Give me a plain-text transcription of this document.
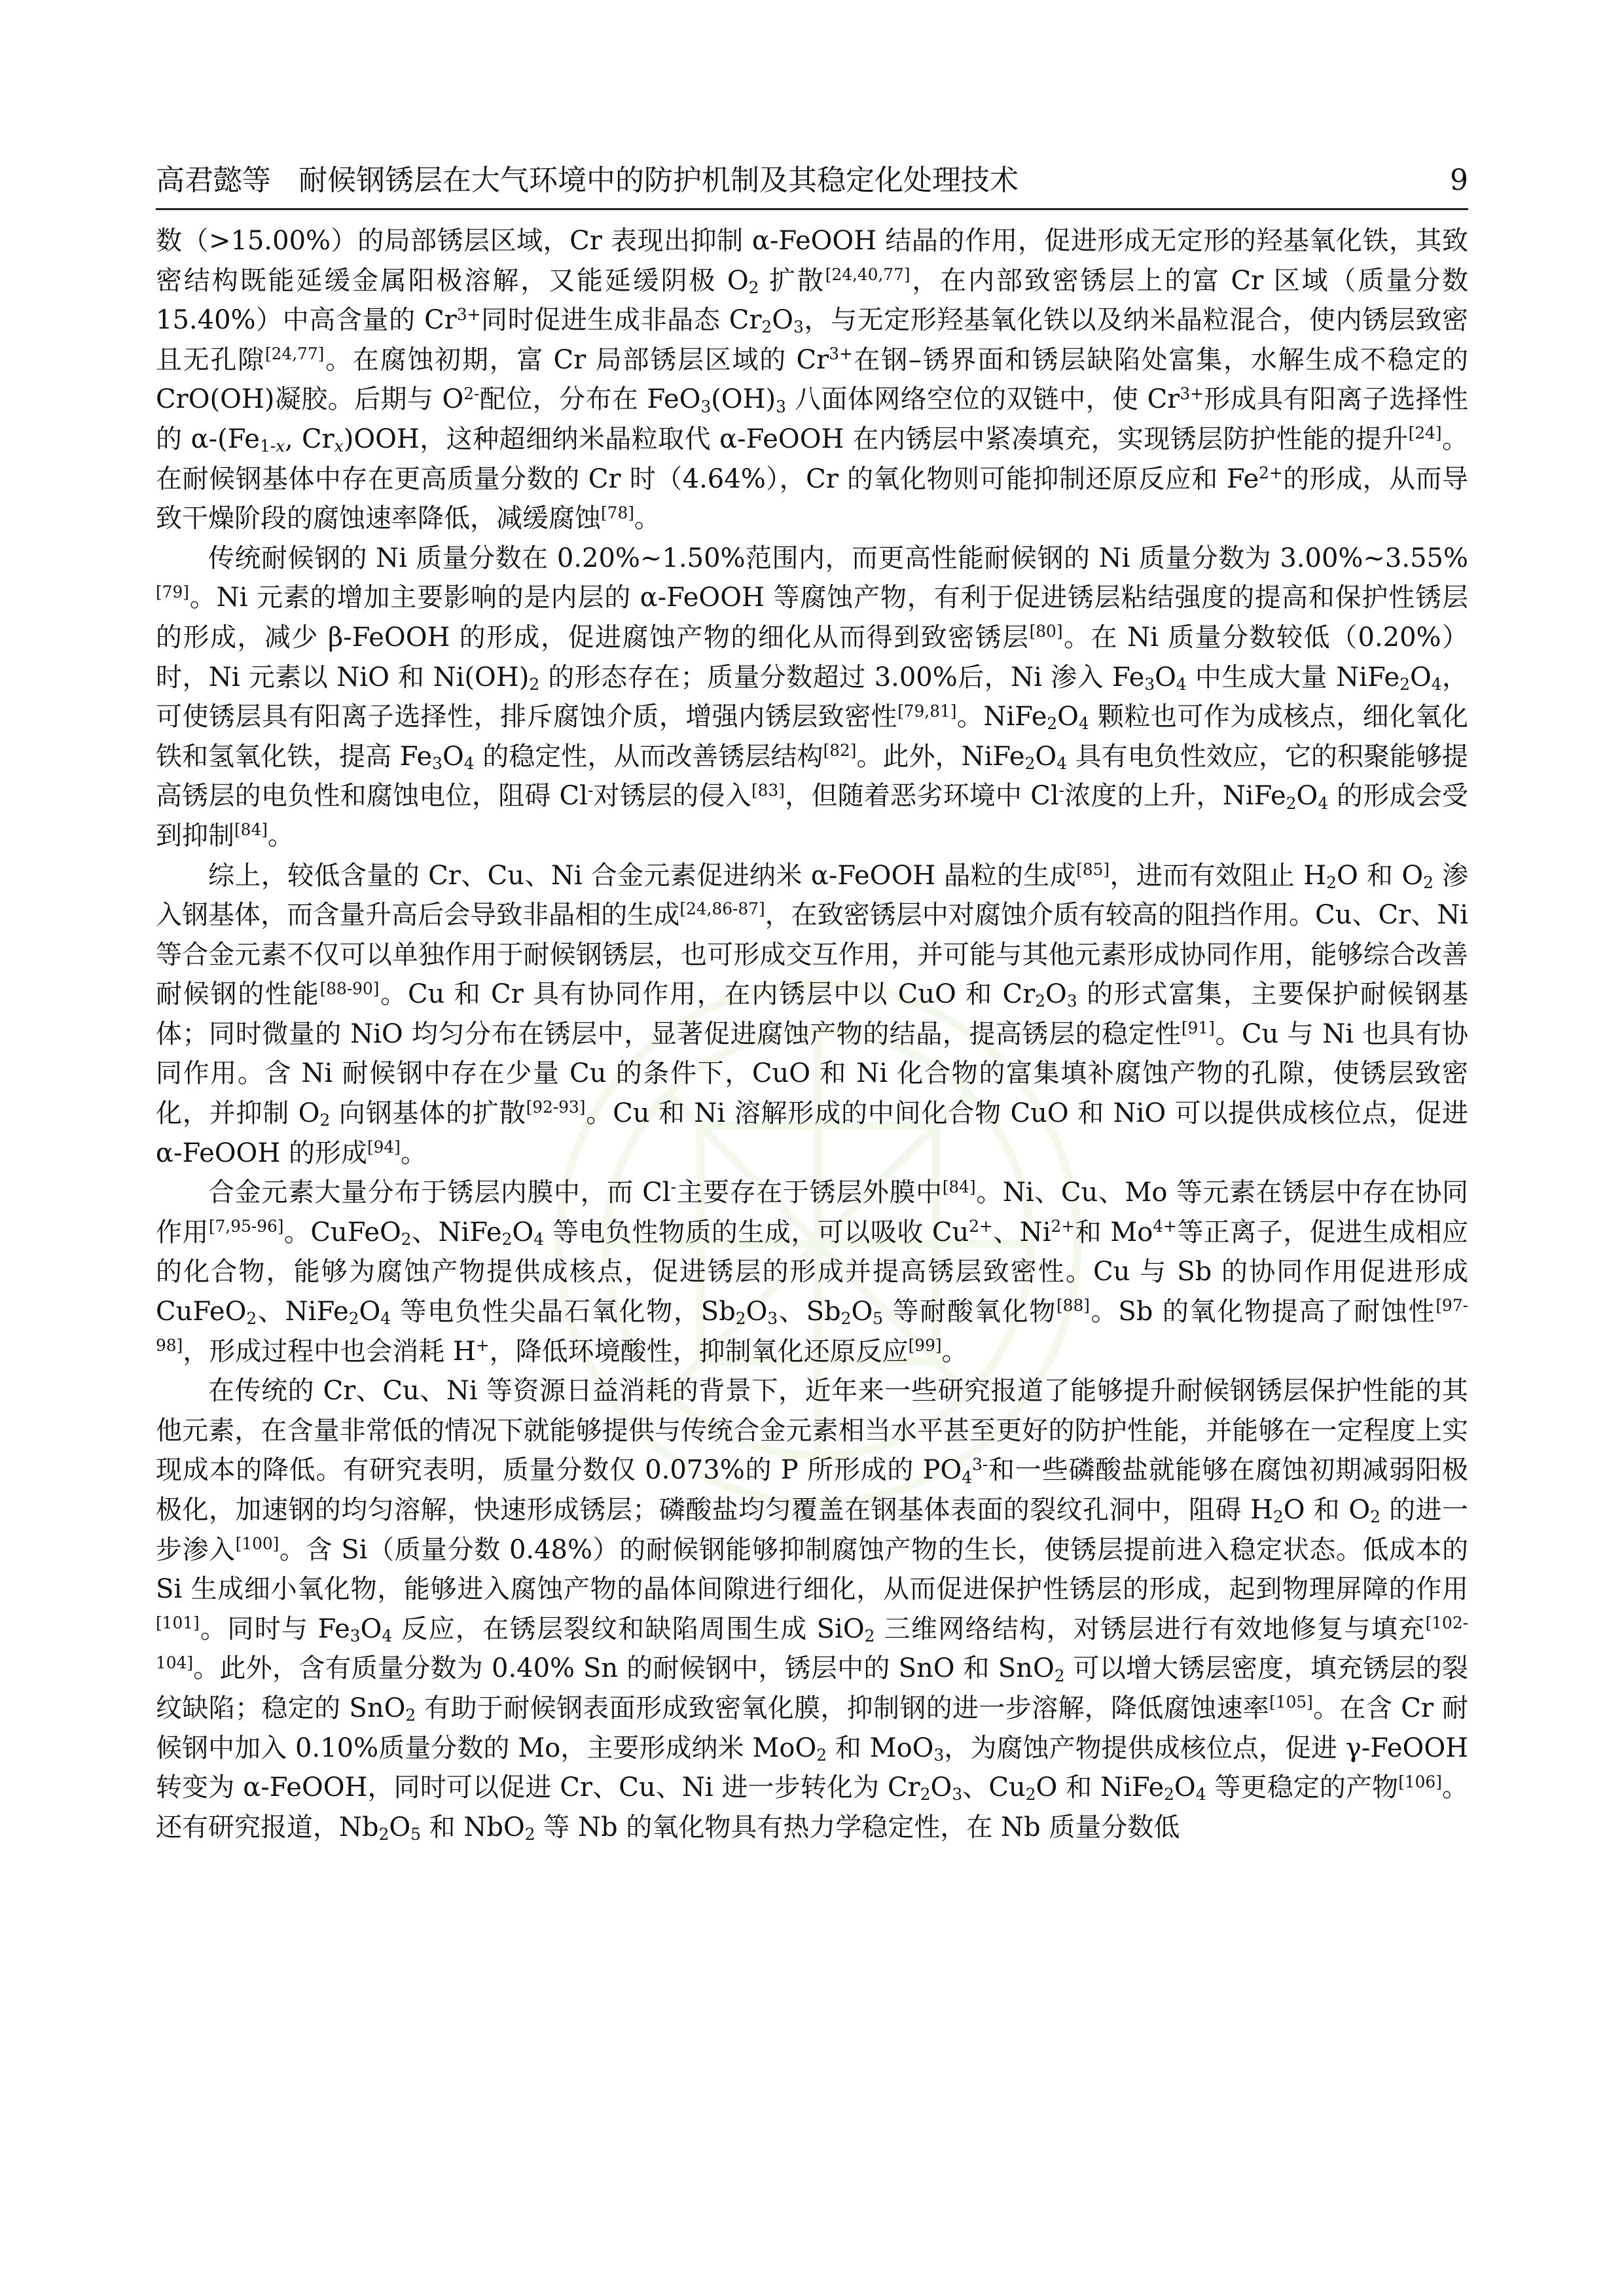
高君懿等 耐候钢锈层在大气环境中的防护机制及其稳定化处理技术	9

数（>15.00%）的局部锈层区域，Cr 表现出抑制 α-FeOOH 结晶的作用，促进形成无定形的羟基氧化铁，其致密结构既能延缓金属阳极溶解，又能延缓阴极 $O_2$ 扩散[24,40,77]，在内部致密锈层上的富 Cr 区域（质量分数 15.40%）中高含量的 $Cr^{3+}$同时促进生成非晶态 $Cr_2O_3$，与无定形羟基氧化铁以及纳米晶粒混合，使内锈层致密且无孔隙[24,77]。在腐蚀初期，富 Cr 局部锈层区域的 $Cr^{3+}$在钢–锈界面和锈层缺陷处富集，水解生成不稳定的 CrO(OH)凝胶。后期与 $O^{2-}$配位，分布在 $FeO_3(OH)_3$ 八面体网络空位的双链中，使 $Cr^{3+}$形成具有阳离子选择性的 $\alpha-(Fe_{1-x}$, $Cr_x)OOH$，这种超细纳米晶粒取代 α-FeOOH 在内锈层中紧凑填充，实现锈层防护性能的提升[24]。在耐候钢基体中存在更高质量分数的 Cr 时（4.64%），Cr 的氧化物则可能抑制还原反应和 $Fe^{2+}$的形成，从而导致干燥阶段的腐蚀速率降低，减缓腐蚀[78]。

传统耐候钢的 Ni 质量分数在 0.20%~1.50%范围内，而更高性能耐候钢的 Ni 质量分数为 3.00%~3.55%[79]。Ni 元素的增加主要影响的是内层的 α-FeOOH 等腐蚀产物，有利于促进锈层粘结强度的提高和保护性锈层的形成，减少 β-FeOOH 的形成，促进腐蚀产物的细化从而得到致密锈层[80]。在 Ni 质量分数较低（0.20%）时，Ni 元素以 NiO 和 $Ni(OH)_2$ 的形态存在；质量分数超过 3.00%后，Ni 渗入 $Fe_3O_4$ 中生成大量 $NiFe_2O_4$，可使锈层具有阳离子选择性，排斥腐蚀介质，增强内锈层致密性[79,81]。$NiFe_2O_4$ 颗粒也可作为成核点，细化氧化铁和氢氧化铁，提高 $Fe_3O_4$ 的稳定性，从而改善锈层结构[82]。此外，$NiFe_2O_4$ 具有电负性效应，它的积聚能够提高锈层的电负性和腐蚀电位，阻碍 Cl-对锈层的侵入[83]，但随着恶劣环境中 Cl-浓度的上升，$NiFe_2O_4$ 的形成会受到抑制[84]。

综上，较低含量的 Cr、Cu、Ni 合金元素促进纳米 α-FeOOH 晶粒的生成[85]，进而有效阻止 $H_2O$ 和 $O_2$ 渗入钢基体，而含量升高后会导致非晶相的生成[24,86-87]，在致密锈层中对腐蚀介质有较高的阻挡作用。Cu、Cr、Ni 等合金元素不仅可以单独作用于耐候钢锈层，也可形成交互作用，并可能与其他元素形成协同作用，能够综合改善耐候钢的性能[88-90]。Cu 和 Cr 具有协同作用，在内锈层中以 CuO 和 $Cr_2O_3$ 的形式富集，主要保护耐候钢基体；同时微量的 NiO 均匀分布在锈层中，显著促进腐蚀产物的结晶，提高锈层的稳定性[91]。Cu 与 Ni 也具有协同作用。含 Ni 耐候钢中存在少量 Cu 的条件下，CuO 和 Ni 化合物的富集填补腐蚀产物的孔隙，使锈层致密化，并抑制 $O_2$ 向钢基体的扩散[92-93]。Cu 和 Ni 溶解形成的中间化合物 CuO 和 NiO 可以提供成核位点，促进 α-FeOOH 的形成[94]。

合金元素大量分布于锈层内膜中，而 Cl-主要存在于锈层外膜中[84]。Ni、Cu、Mo 等元素在锈层中存在协同作用[7,95-96]。CuFeO$_2$、$NiFe_2O_4$ 等电负性物质的生成，可以吸收 $Cu^{2+}$、$Ni^{2+}$和 $Mo^{4+}$等正离子，促进生成相应的化合物，能够为腐蚀产物提供成核点，促进锈层的形成并提高锈层致密性。Cu 与 Sb 的协同作用促进形成 CuFeO$_2$、$NiFe_2O_4$ 等电负性尖晶石氧化物，$Sb_2O_3$、$Sb_2O_5$ 等耐酸氧化物[88]。Sb 的氧化物提高了耐蚀性[97-98]，形成过程中也会消耗 H+，降低环境酸性，抑制氧化还原反应[99]。

在传统的 Cr、Cu、Ni 等资源日益消耗的背景下，近年来一些研究报道了能够提升耐候钢锈层保护性能的其他元素，在含量非常低的情况下就能够提供与传统合金元素相当水平甚至更好的防护性能，并能够在一定程度上实现成本的降低。有研究表明，质量分数仅 0.073%的 P 所形成的 $PO_4^{3-}$和一些磷酸盐就能够在腐蚀初期减弱阳极极化，加速钢的均匀溶解，快速形成锈层；磷酸盐均匀覆盖在钢基体表面的裂纹孔洞中，阻碍 $H_2O$ 和 $O_2$ 的进一步渗入[100]。含 Si（质量分数 0.48%）的耐候钢能够抑制腐蚀产物的生长，使锈层提前进入稳定状态。低成本的 Si 生成细小氧化物，能够进入腐蚀产物的晶体间隙进行细化，从而促进保护性锈层的形成，起到物理屏障的作用[101]。同时与 $Fe_3O_4$ 反应，在锈层裂纹和缺陷周围生成 SiO$_2$ 三维网络结构，对锈层进行有效地修复与填充[102-104]。此外，含有质量分数为 0.40% Sn 的耐候钢中，锈层中的 SnO 和 SnO$_2$ 可以增大锈层密度，填充锈层的裂纹缺陷；稳定的 SnO$_2$ 有助于耐候钢表面形成致密氧化膜，抑制钢的进一步溶解，降低腐蚀速率[105]。在含 Cr 耐候钢中加入 0.10%质量分数的 Mo，主要形成纳米 MoO$_2$ 和 MoO$_3$，为腐蚀产物提供成核位点，促进 γ-FeOOH 转变为 α-FeOOH，同时可以促进 Cr、Cu、Ni 进一步转化为 $Cr_2O_3$、$Cu_2O$ 和 $NiFe_2O_4$ 等更稳定的产物[106]。还有研究报道，$Nb_2O_5$ 和 NbO$_2$ 等 Nb 的氧化物具有热力学稳定性，在 Nb 质量分数低
